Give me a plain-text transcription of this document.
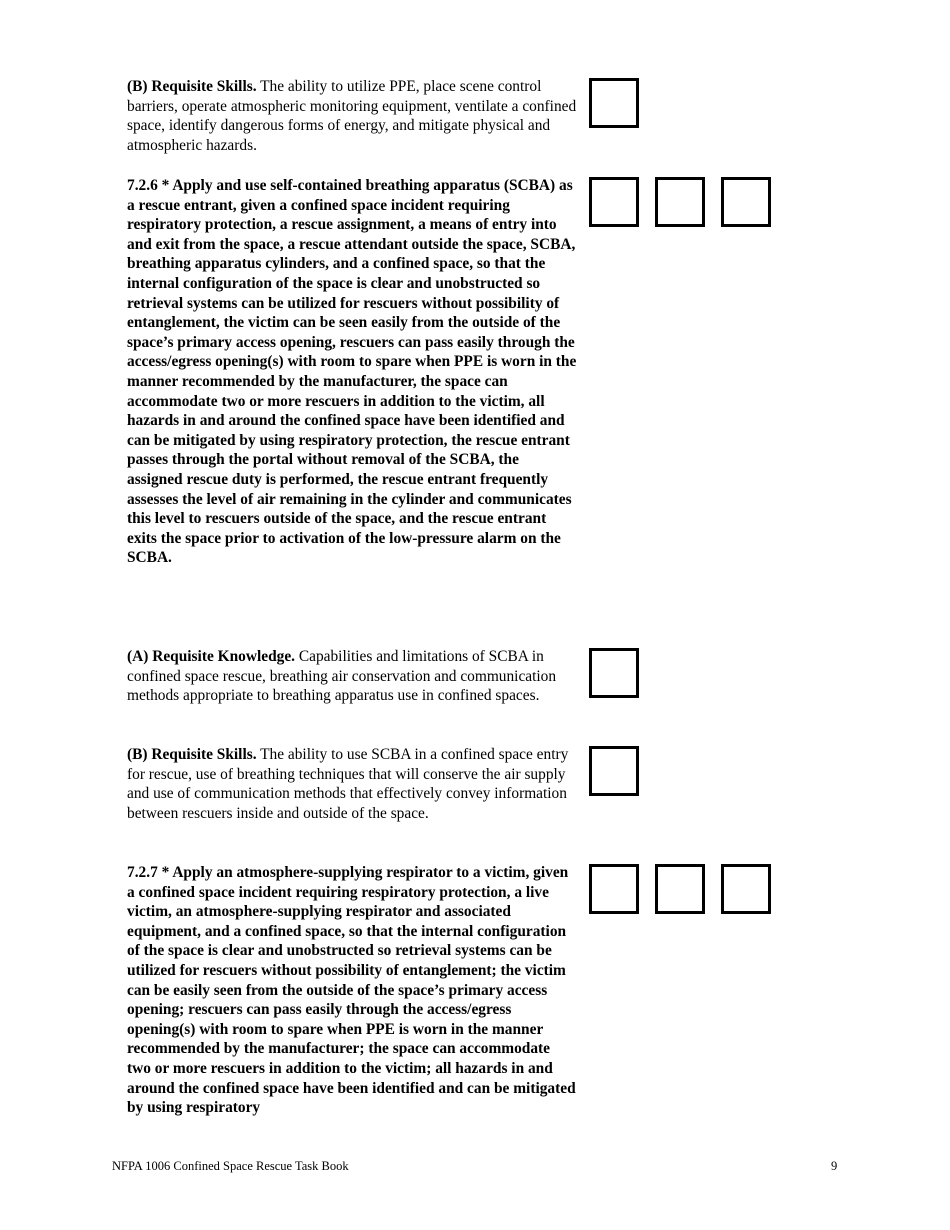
(B) Requisite Skills. The ability to utilize PPE, place scene control barriers, operate atmospheric monitoring equipment, ventilate a confined space, identify dangerous forms of energy, and mitigate physical and atmospheric hazards.

7.2.6 * Apply and use self-contained breathing apparatus (SCBA) as a rescue entrant, given a confined space incident requiring respiratory protection, a rescue assignment, a means of entry into and exit from the space, a rescue attendant outside the space, SCBA, breathing apparatus cylinders, and a confined space, so that the internal configuration of the space is clear and unobstructed so retrieval systems can be utilized for rescuers without possibility of entanglement, the victim can be seen easily from the outside of the space’s primary access opening, rescuers can pass easily through the access/egress opening(s) with room to spare when PPE is worn in the manner recommended by the manufacturer, the space can accommodate two or more rescuers in addition to the victim, all hazards in and around the confined space have been identified and can be mitigated by using respiratory protection, the rescue entrant passes through the portal without removal of the SCBA, the assigned rescue duty is performed, the rescue entrant frequently assesses the level of air remaining in the cylinder and communicates this level to rescuers outside of the space, and the rescue entrant exits the space prior to activation of the low-pressure alarm on the SCBA.

(A) Requisite Knowledge. Capabilities and limitations of SCBA in confined space rescue, breathing air conservation and communication methods appropriate to breathing apparatus use in confined spaces.

(B) Requisite Skills. The ability to use SCBA in a confined space entry for rescue, use of breathing techniques that will conserve the air supply and use of communication methods that effectively convey information between rescuers inside and outside of the space.

7.2.7 * Apply an atmosphere-supplying respirator to a victim, given a confined space incident requiring respiratory protection, a live victim, an atmosphere-supplying respirator and associated equipment, and a confined space, so that the internal configuration of the space is clear and unobstructed so retrieval systems can be utilized for rescuers without possibility of entanglement; the victim can be easily seen from the outside of the space’s primary access opening; rescuers can pass easily through the access/egress opening(s) with room to spare when PPE is worn in the manner recommended by the manufacturer; the space can accommodate two or more rescuers in addition to the victim; all hazards in and around the confined space have been identified and can be mitigated by using respiratory

NFPA 1006 Confined Space Rescue Task Book	9
